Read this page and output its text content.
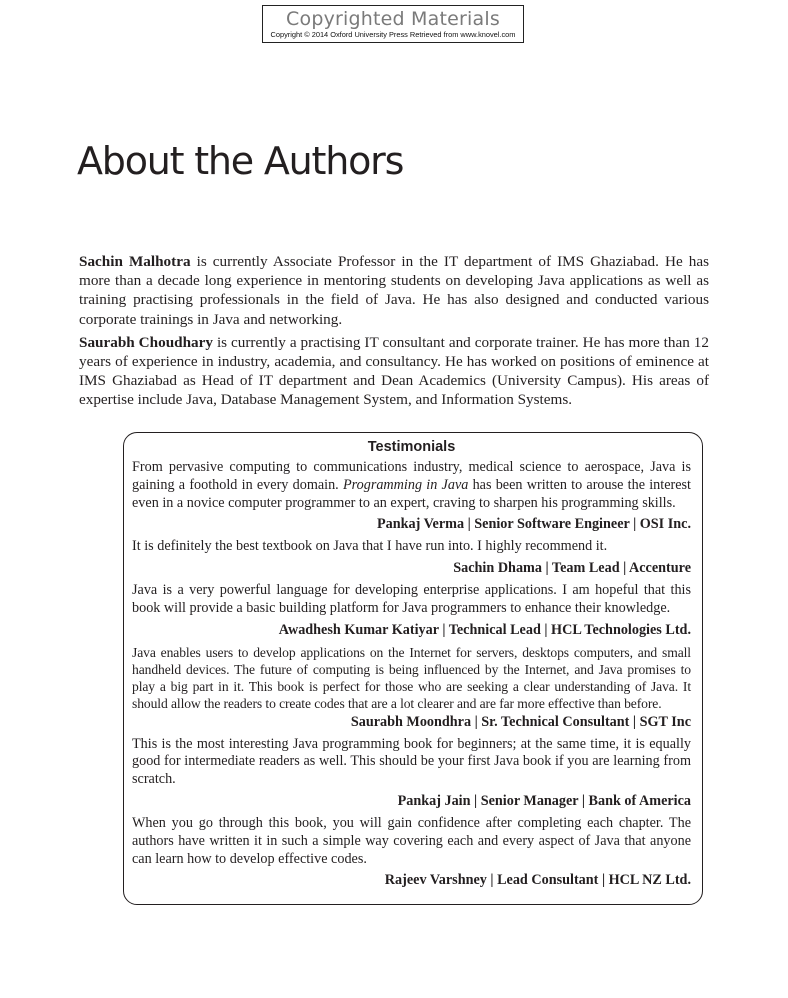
Copyrighted Materials
Copyright © 2014 Oxford University Press Retrieved from www.knovel.com
About the Authors

Sachin Malhotra is currently Associate Professor in the IT department of IMS Ghaziabad. He has more than a decade long experience in mentoring students on developing Java applications as well as training practising professionals in the field of Java. He has also designed and conducted various corporate trainings in Java and networking.

Saurabh Choudhary is currently a practising IT consultant and corporate trainer. He has more than 12 years of experience in industry, academia, and consultancy. He has worked on positions of eminence at IMS Ghaziabad as Head of IT department and Dean Academics (University Campus). His areas of expertise include Java, Database Management System, and Information Systems.

Testimonials

From pervasive computing to communications industry, medical science to aerospace, Java is gaining a foothold in every domain. Programming in Java has been written to arouse the interest even in a novice computer programmer to an expert, craving to sharpen his programming skills.

Pankaj Verma | Senior Software Engineer | OSI Inc.

It is definitely the best textbook on Java that I have run into. I highly recommend it.

Sachin Dhama | Team Lead | Accenture

Java is a very powerful language for developing enterprise applications. I am hopeful that this book will provide a basic building platform for Java programmers to enhance their knowledge.

Awadhesh Kumar Katiyar | Technical Lead | HCL Technologies Ltd.

Java enables users to develop applications on the Internet for servers, desktops computers, and small handheld devices. The future of computing is being influenced by the Internet, and Java promises to play a big part in it. This book is perfect for those who are seeking a clear understanding of Java. It should allow the readers to create codes that are a lot clearer and are far more effective than before.

Saurabh Moondhra | Sr. Technical Consultant | SGT Inc

This is the most interesting Java programming book for beginners; at the same time, it is equally good for intermediate readers as well. This should be your first Java book if you are learning from scratch.

Pankaj Jain | Senior Manager | Bank of America

When you go through this book, you will gain confidence after completing each chapter. The authors have written it in such a simple way covering each and every aspect of Java that anyone can learn how to develop effective codes.

Rajeev Varshney | Lead Consultant | HCL NZ Ltd.
